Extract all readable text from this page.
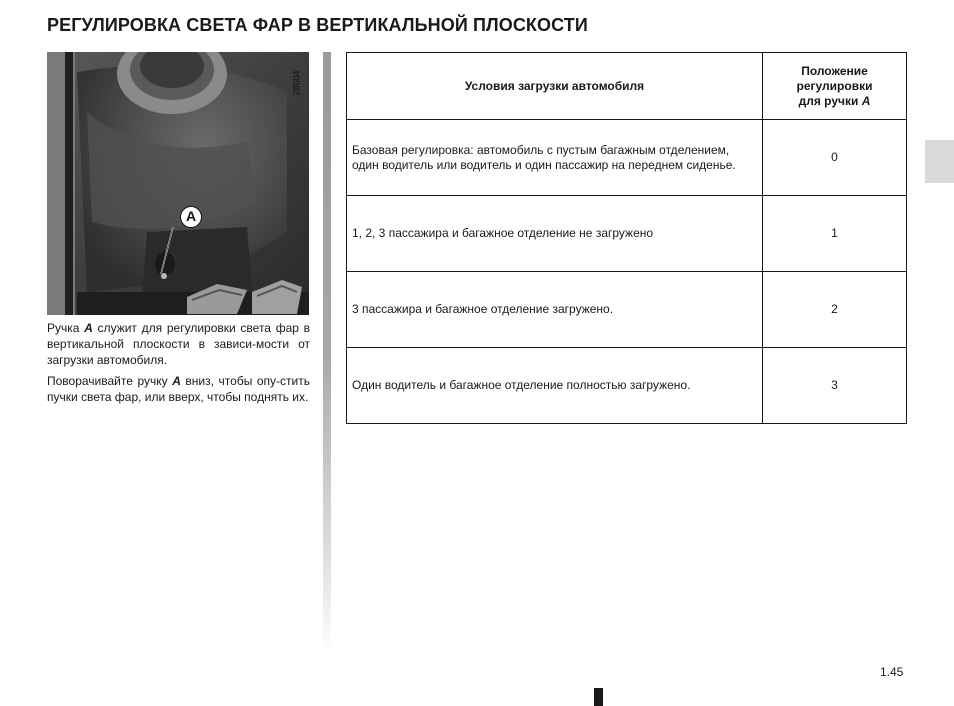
РЕГУЛИРОВКА СВЕТА ФАР В ВЕРТИКАЛЬНОЙ ПЛОСКОСТИ
28004
A

Ручка A служит для регулировки света фар в вертикальной плоскости в зависи-мости от загрузки автомобиля.

Поворачивайте ручку A вниз, чтобы опу-стить пучки света фар, или вверх, чтобы поднять их.

Условия загрузки автомобиля	Положение
регулировки
для ручки A
Базовая регулировка: автомобиль с пустым багажным отделением, один водитель или водитель и один пассажир на переднем сиденье.	0
1, 2, 3 пассажира и багажное отделение не загружено	1
3 пассажира и багажное отделение загружено.	2
Один водитель и багажное отделение полностью загружено.	3
1.45
